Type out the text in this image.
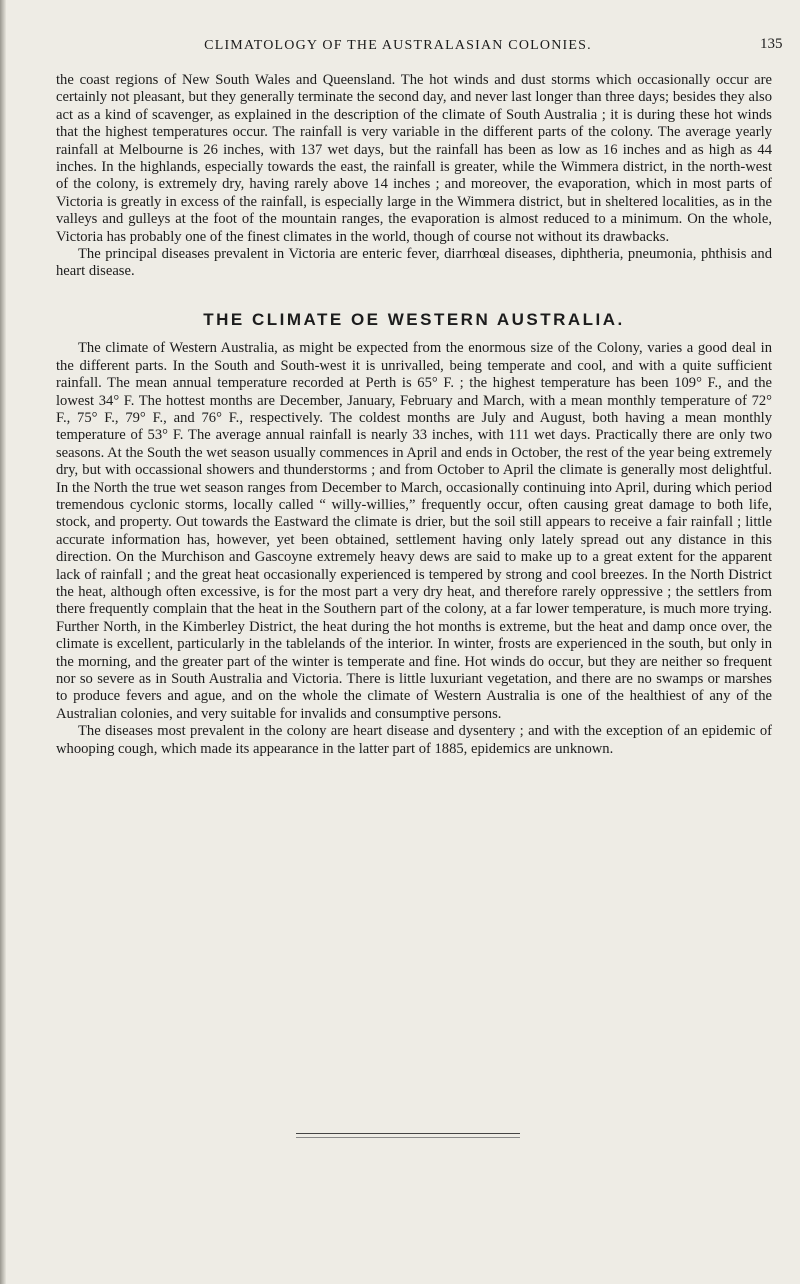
CLIMATOLOGY OF THE AUSTRALASIAN COLONIES.	135

the coast regions of New South Wales and Queensland. The hot winds and dust storms which occasionally occur are certainly not pleasant, but they generally terminate the second day, and never last longer than three days; besides they also act as a kind of scavenger, as explained in the description of the climate of South Australia ; it is during these hot winds that the highest temperatures occur. The rainfall is very variable in the different parts of the colony. The average yearly rainfall at Melbourne is 26 inches, with 137 wet days, but the rainfall has been as low as 16 inches and as high as 44 inches. In the highlands, especially towards the east, the rainfall is greater, while the Wimmera district, in the north-west of the colony, is extremely dry, having rarely above 14 inches ; and moreover, the evaporation, which in most parts of Victoria is greatly in excess of the rainfall, is especially large in the Wimmera district, but in sheltered localities, as in the valleys and gulleys at the foot of the mountain ranges, the evaporation is almost reduced to a minimum. On the whole, Victoria has probably one of the finest climates in the world, though of course not without its drawbacks.

The principal diseases prevalent in Victoria are enteric fever, diarrhœal diseases, diphtheria, pneumonia, phthisis and heart disease.

THE CLIMATE OE WESTERN AUSTRALIA.

The climate of Western Australia, as might be expected from the enormous size of the Colony, varies a good deal in the different parts. In the South and South-west it is unrivalled, being temperate and cool, and with a quite sufficient rainfall. The mean annual temperature recorded at Perth is 65° F. ; the highest temperature has been 109° F., and the lowest 34° F. The hottest months are December, January, February and March, with a mean monthly temperature of 72° F., 75° F., 79° F., and 76° F., respectively. The coldest months are July and August, both having a mean monthly temperature of 53° F. The average annual rainfall is nearly 33 inches, with 111 wet days. Practically there are only two seasons. At the South the wet season usually commences in April and ends in October, the rest of the year being extremely dry, but with occassional showers and thunderstorms ; and from October to April the climate is generally most delightful. In the North the true wet season ranges from December to March, occasionally continuing into April, during which period tremendous cyclonic storms, locally called “ willy-willies,” frequently occur, often causing great damage to both life, stock, and property. Out towards the Eastward the climate is drier, but the soil still appears to receive a fair rainfall ; little accurate information has, however, yet been obtained, settlement having only lately spread out any distance in this direction. On the Murchison and Gascoyne extremely heavy dews are said to make up to a great extent for the apparent lack of rainfall ; and the great heat occasionally experienced is tempered by strong and cool breezes. In the North District the heat, although often excessive, is for the most part a very dry heat, and therefore rarely oppressive ; the settlers from there frequently complain that the heat in the Southern part of the colony, at a far lower temperature, is much more trying. Further North, in the Kimberley District, the heat during the hot months is extreme, but the heat and damp once over, the climate is excellent, particularly in the tablelands of the interior. In winter, frosts are experienced in the south, but only in the morning, and the greater part of the winter is temperate and fine. Hot winds do occur, but they are neither so frequent nor so severe as in South Australia and Victoria. There is little luxuriant vegetation, and there are no swamps or marshes to produce fevers and ague, and on the whole the climate of Western Australia is one of the healthiest of any of the Australian colonies, and very suitable for invalids and consumptive persons.

The diseases most prevalent in the colony are heart disease and dysentery ; and with the exception of an epidemic of whooping cough, which made its appearance in the latter part of 1885, epidemics are unknown.
